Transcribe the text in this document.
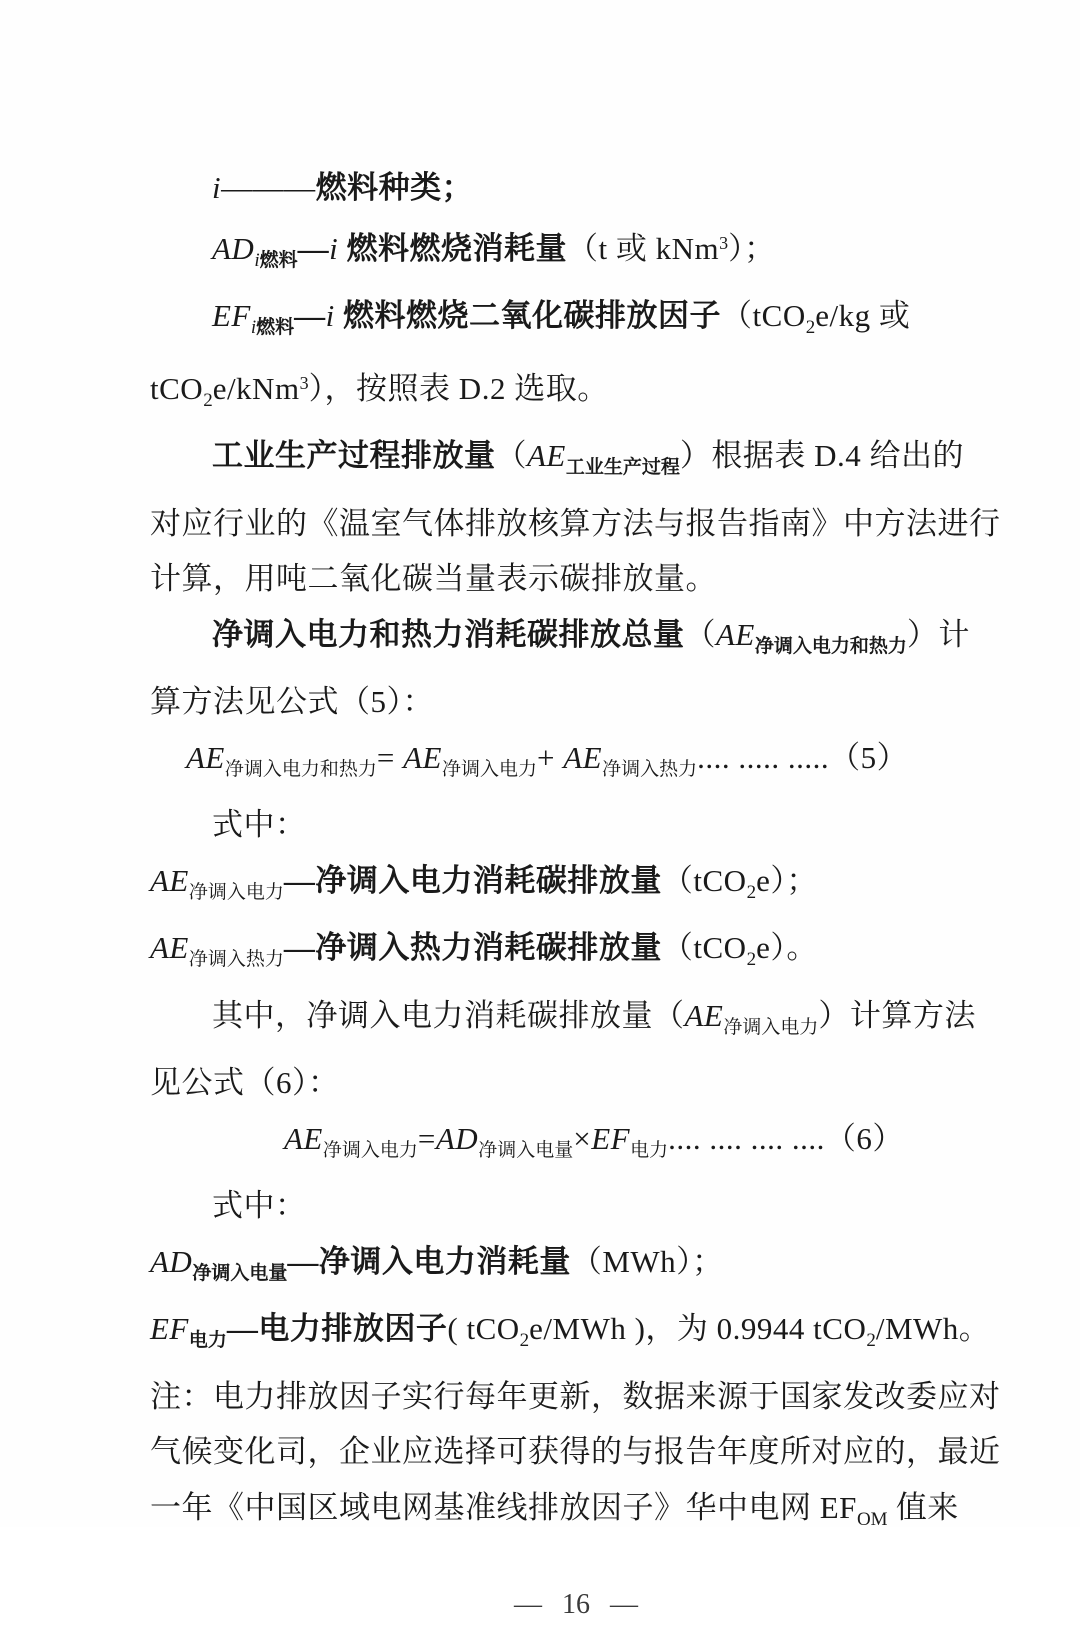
i———燃料种类；

$AD_{i燃料}—i$ 燃料燃烧消耗量（t 或 kNm$^3$）；

$EF_{i燃料}—i$ 燃料燃烧二氧化碳排放因子（tCO$_2$e/kg 或

tCO$_2$e/kNm$^3$），按照表 D.2 选取。

工业生产过程排放量$(AE_{工业生产过程})$根据表 D.4 给出的

对应行业的《温室气体排放核算方法与报告指南》中方法进行

计算，用吨二氧化碳当量表示碳排放量。

净调入电力和热力消耗碳排放总量$(AE_{净调入电力和热力})$计

算方法见公式（5）：

$AE_{净调入电力和热力}= AE_{净调入电力}+ AE_{净调入热力}$.... ..... .....（5）

式中：

$AE_{净调入电力}—$净调入电力消耗碳排放量（tCO$_2$e）；

$AE_{净调入热力}—$净调入热力消耗碳排放量（tCO$_2$e）。

其中，净调入电力消耗碳排放量$(AE_{净调入电力})$计算方法

见公式（6）：

$AE_{净调入电力}=AD_{净调入电量}\times EF_{电力}$.... .... .... ....（6）

式中：

$AD_{净调入电量}—$净调入电力消耗量（MWh）；

$EF_{电力}—$电力排放因子( tCO$_2$e/MWh )，为 0.9944 tCO$_2$/MWh。

注：电力排放因子实行每年更新，数据来源于国家发改委应对

气候变化司，企业应选择可获得的与报告年度所对应的，最近

一年《中国区域电网基准线排放因子》华中电网 $EF_{OM}$ 值来

— 16 —
